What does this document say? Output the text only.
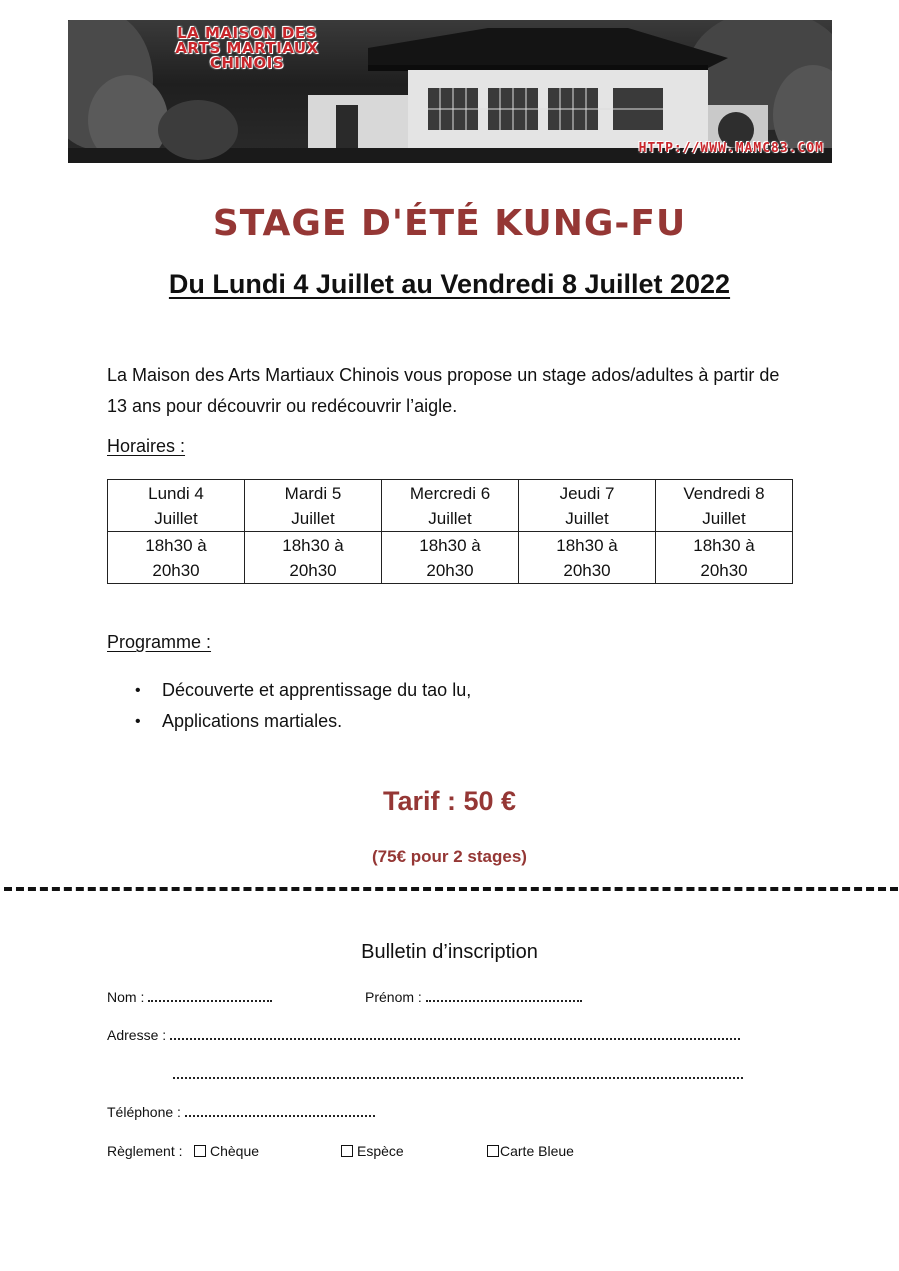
LA MAISON DES
ARTS MARTIAUX
CHINOIS

HTTP://WWW.MAMC83.COM
STAGE D'ÉTÉ KUNG-FU
Du Lundi 4 Juillet au Vendredi 8 Juillet 2022

La Maison des Arts Martiaux Chinois vous propose un stage ados/adultes à partir de 13 ans pour découvrir ou redécouvrir l’aigle.

Horaires :

Lundi 4
Juillet	Mardi 5
Juillet	Mercredi 6
Juillet	Jeudi 7
Juillet	Vendredi 8
Juillet
18h30 à
20h30	18h30 à
20h30	18h30 à
20h30	18h30 à
20h30	18h30 à
20h30

Programme :

• Découverte et apprentissage du tao lu,
• Applications martiales.

Tarif : 50 €

(75€ pour 2 stages)

Bulletin d’inscription

Nom :	Prénom :

Adresse :

Téléphone :

Règlement :	Chèque	Espèce	Carte Bleue
